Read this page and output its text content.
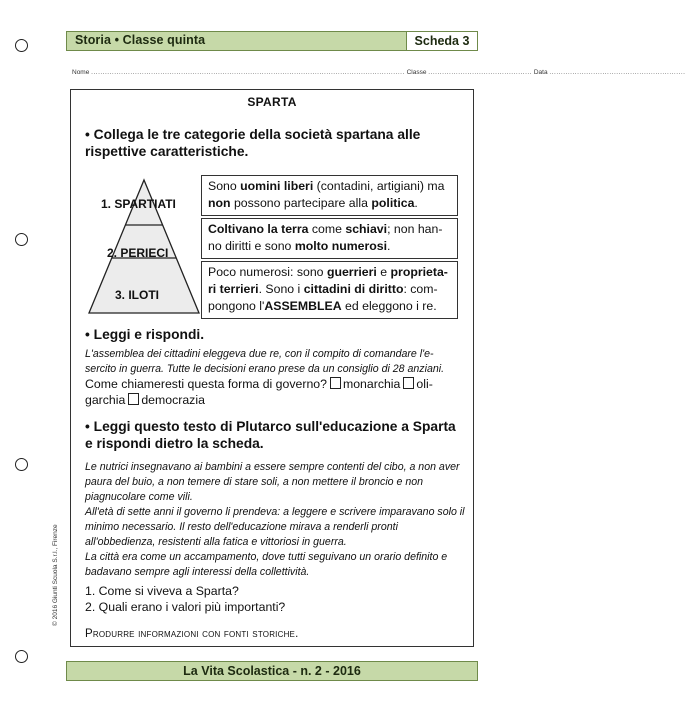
Storia • Classe quinta	Scheda 3
Nome ........................................................................................................................................ Classe ............................................. Data ...........................................................
SPARTA
• Collega le tre categorie della società spartana alle rispettive caratteristiche.
1. SPARTIATI
2. PERIECI
3. ILOTI
Sono uomini liberi (contadini, artigiani) ma non possono partecipare alla politica.
Coltivano la terra come schiavi; non han-no diritti e sono molto numerosi.
Poco numerosi: sono guerrieri e proprieta-ri terrieri. Sono i cittadini di diritto: com-pongono l'ASSEMBLEA ed eleggono i re.
• Leggi e rispondi.
L'assemblea dei cittadini eleggeva due re, con il compito di comandare l'e-sercito in guerra. Tutte le decisioni erano prese da un consiglio di 28 anziani.
Come chiameresti questa forma di governo? monarchia oli-garchia democrazia
• Leggi questo testo di Plutarco sull'educazione a Sparta e rispondi dietro la scheda.
Le nutrici insegnavano ai bambini a essere sempre contenti del cibo, a non aver paura del buio, a non temere di stare soli, a non mettere il broncio e non piagnucolare come vili.
All'età di sette anni il governo li prendeva: a leggere e scrivere imparavano solo il minimo necessario. Il resto dell'educazione mirava a renderli pronti all'obbedienza, resistenti alla fatica e vittoriosi in guerra.
La città era come un accampamento, dove tutti seguivano un orario definito e badavano sempre agli interessi della collettività.
1. Come si viveva a Sparta?
2. Quali erano i valori più importanti?
Produrre informazioni con fonti storiche.
© 2016 Giunti Scuola S.r.l., Firenze
La Vita Scolastica - n. 2 - 2016
